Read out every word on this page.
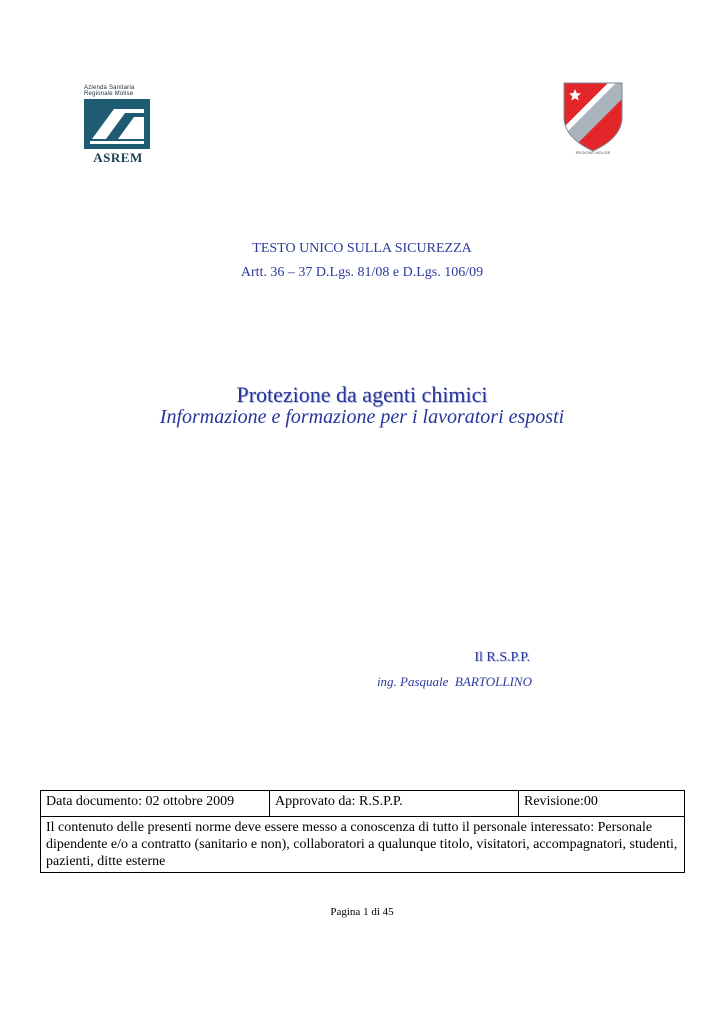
Azienda Sanitaria
Regionale Molise
ASREM	REGIONE MOLISE
TESTO UNICO SULLA SICUREZZA
Artt. 36 – 37 D.Lgs. 81/08 e D.Lgs. 106/09
Protezione da agenti chimici
Informazione e formazione per i lavoratori esposti
Il R.S.P.P.
ing. Pasquale  BARTOLLINO
Data documento: 02 ottobre 2009	Approvato da: R.S.P.P.	Revisione:00
Il contenuto delle presenti norme deve essere messo a conoscenza di tutto il personale interessato: Personale dipendente e/o a contratto (sanitario e non), collaboratori a qualunque titolo, visitatori, accompagnatori, studenti, pazienti, ditte esterne
Pagina 1 di 45
